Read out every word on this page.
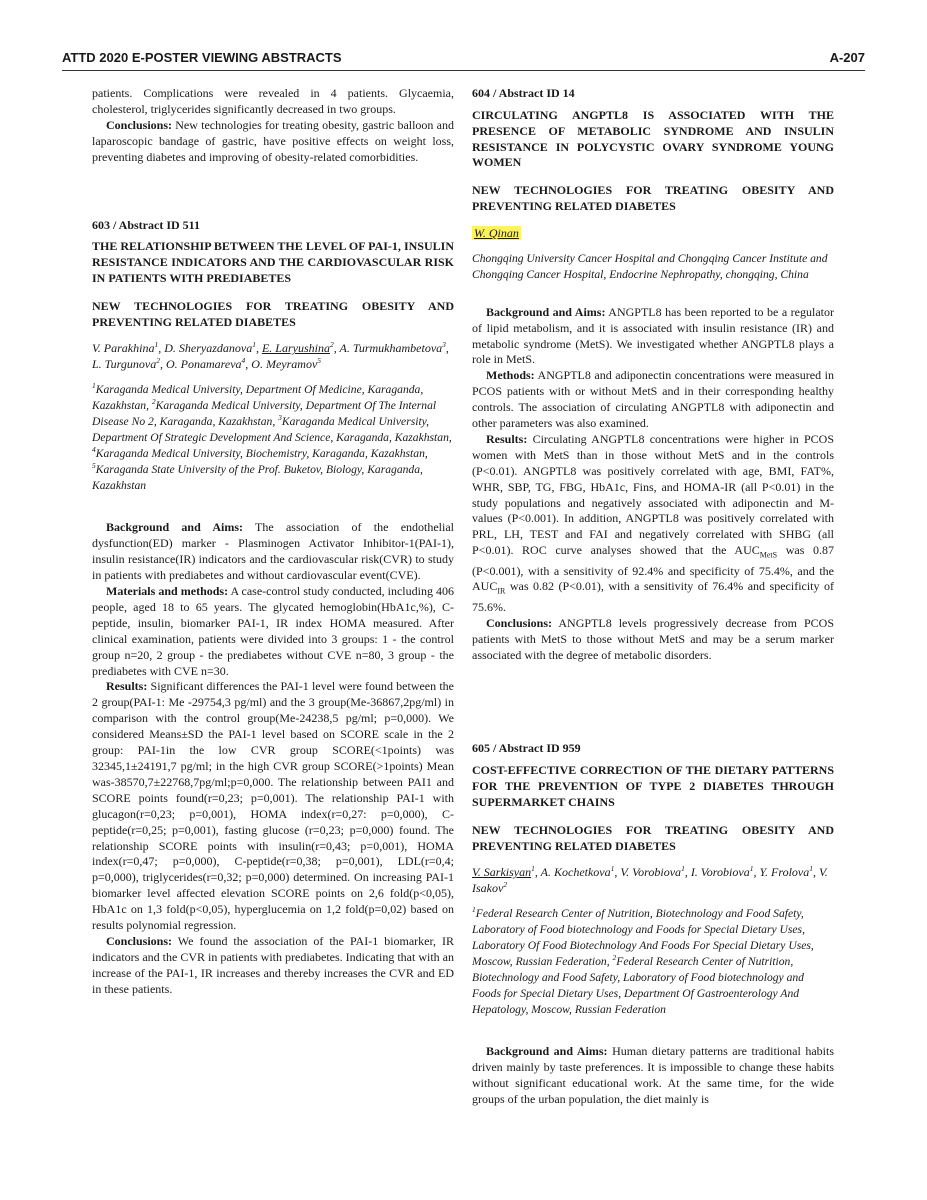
ATTD 2020 E-POSTER VIEWING ABSTRACTS	A-207

patients. Complications were revealed in 4 patients. Glycaemia, cholesterol, triglycerides significantly decreased in two groups.

Conclusions: New technologies for treating obesity, gastric balloon and laparoscopic bandage of gastric, have positive effects on weight loss, preventing diabetes and improving of obesity-related comorbidities.

603 / Abstract ID 511

THE RELATIONSHIP BETWEEN THE LEVEL OF PAI-1, INSULIN RESISTANCE INDICATORS AND THE CARDIOVASCULAR RISK IN PATIENTS WITH PREDIABETES

NEW TECHNOLOGIES FOR TREATING OBESITY AND PREVENTING RELATED DIABETES

V. Parakhina$^1$, D. Sheryazdanova$^1$, E. Laryushina$^2$, A. Turmukhambetova$^3$, L. Turgunova$^2$, O. Ponamareva$^4$, O. Meyramov$^5$

$^1$Karaganda Medical University, Department Of Medicine, Karaganda, Kazakhstan, $^2$Karaganda Medical University, Department Of The Internal Disease No 2, Karaganda, Kazakhstan, $^3$Karaganda Medical University, Department Of Strategic Development And Science, Karaganda, Kazakhstan, $^4$Karaganda Medical University, Biochemistry, Karaganda, Kazakhstan, $^5$Karaganda State University of the Prof. Buketov, Biology, Karaganda, Kazakhstan

Background and Aims: The association of the endothelial dysfunction(ED) marker - Plasminogen Activator Inhibitor-1(PAI-1), insulin resistance(IR) indicators and the cardiovascular risk(CVR) to study in patients with prediabetes and without cardiovascular event(CVE).

Materials and methods: A case-control study conducted, including 406 people, aged 18 to 65 years. The glycated hemoglobin(HbA1c,%), C-peptide, insulin, biomarker PAI-1, IR index HOMA measured. After clinical examination, patients were divided into 3 groups: 1 - the control group n=20, 2 group - the prediabetes without CVE n=80, 3 group - the prediabetes with CVE n=30.

Results: Significant differences the PAI-1 level were found between the 2 group(PAI-1: Me -29754,3 pg/ml) and the 3 group(Me-36867,2pg/ml) in comparison with the control group(Me-24238,5 pg/ml; p=0,000). We considered Means±SD the PAI-1 level based on SCORE scale in the 2 group: PAI-1in the low CVR group SCORE(<1points) was 32345,1±24191,7 pg/ml; in the high CVR group SCORE(>1points) Mean was-38570,7±22768,7pg/ml;p=0,000. The relationship between PAI1 and SCORE points found(r=0,23; p=0,001). The relationship PAI-1 with glucagon(r=0,23; p=0,001), HOMA index(r=0,27: p=0,000), C-peptide(r=0,25; p=0,001), fasting glucose (r=0,23; p=0,000) found. The relationship SCORE points with insulin(r=0,43; p=0,001), HOMA index(r=0,47; p=0,000), C-peptide(r=0,38; p=0,001), LDL(r=0,4; p=0,000), triglycerides(r=0,32; p=0,000) determined. On increasing PAI-1 biomarker level affected elevation SCORE points on 2,6 fold(p<0,05), HbA1c on 1,3 fold(p<0,05), hyperglucemia on 1,2 fold(p=0,02) based on results polynomial regression.

Conclusions: We found the association of the PAI-1 biomarker, IR indicators and the CVR in patients with prediabetes. Indicating that with an increase of the PAI-1, IR increases and thereby increases the CVR and ED in these patients.

604 / Abstract ID 14

CIRCULATING ANGPTL8 IS ASSOCIATED WITH THE PRESENCE OF METABOLIC SYNDROME AND INSULIN RESISTANCE IN POLYCYSTIC OVARY SYNDROME YOUNG WOMEN

NEW TECHNOLOGIES FOR TREATING OBESITY AND PREVENTING RELATED DIABETES

W. Qinan

Chongqing University Cancer Hospital and Chongqing Cancer Institute and Chongqing Cancer Hospital, Endocrine Nephropathy, chongqing, China

Background and Aims: ANGPTL8 has been reported to be a regulator of lipid metabolism, and it is associated with insulin resistance (IR) and metabolic syndrome (MetS). We investigated whether ANGPTL8 plays a role in MetS.

Methods: ANGPTL8 and adiponectin concentrations were measured in PCOS patients with or without MetS and in their corresponding healthy controls. The association of circulating ANGPTL8 with adiponectin and other parameters was also examined.

Results: Circulating ANGPTL8 concentrations were higher in PCOS women with MetS than in those without MetS and in the controls (P<0.01). ANGPTL8 was positively correlated with age, BMI, FAT%, WHR, SBP, TG, FBG, HbA1c, Fins, and HOMA-IR (all P<0.01) in the study populations and negatively associated with adiponectin and M-values (P<0.001). In addition, ANGPTL8 was positively correlated with PRL, LH, TEST and FAI and negatively correlated with SHBG (all P<0.01). ROC curve analyses showed that the $AUC_{MetS}$ was 0.87 (P<0.001), with a sensitivity of 92.4% and specificity of 75.4%, and the $AUC_{IR}$ was 0.82 (P<0.01), with a sensitivity of 76.4% and specificity of 75.6%.

Conclusions: ANGPTL8 levels progressively decrease from PCOS patients with MetS to those without MetS and may be a serum marker associated with the degree of metabolic disorders.

605 / Abstract ID 959

COST-EFFECTIVE CORRECTION OF THE DIETARY PATTERNS FOR THE PREVENTION OF TYPE 2 DIABETES THROUGH SUPERMARKET CHAINS

NEW TECHNOLOGIES FOR TREATING OBESITY AND PREVENTING RELATED DIABETES

V. Sarkisyan$^1$, A. Kochetkova$^1$, V. Vorobiova$^1$, I. Vorobiova$^1$, Y. Frolova$^1$, V. Isakov$^2$

$^1$Federal Research Center of Nutrition, Biotechnology and Food Safety, Laboratory of Food biotechnology and Foods for Special Dietary Uses, Laboratory Of Food Biotechnology And Foods For Special Dietary Uses, Moscow, Russian Federation, $^2$Federal Research Center of Nutrition, Biotechnology and Food Safety, Laboratory of Food biotechnology and Foods for Special Dietary Uses, Department Of Gastroenterology And Hepatology, Moscow, Russian Federation

Background and Aims: Human dietary patterns are traditional habits driven mainly by taste preferences. It is impossible to change these habits without significant educational work. At the same time, for the wide groups of the urban population, the diet mainly is
